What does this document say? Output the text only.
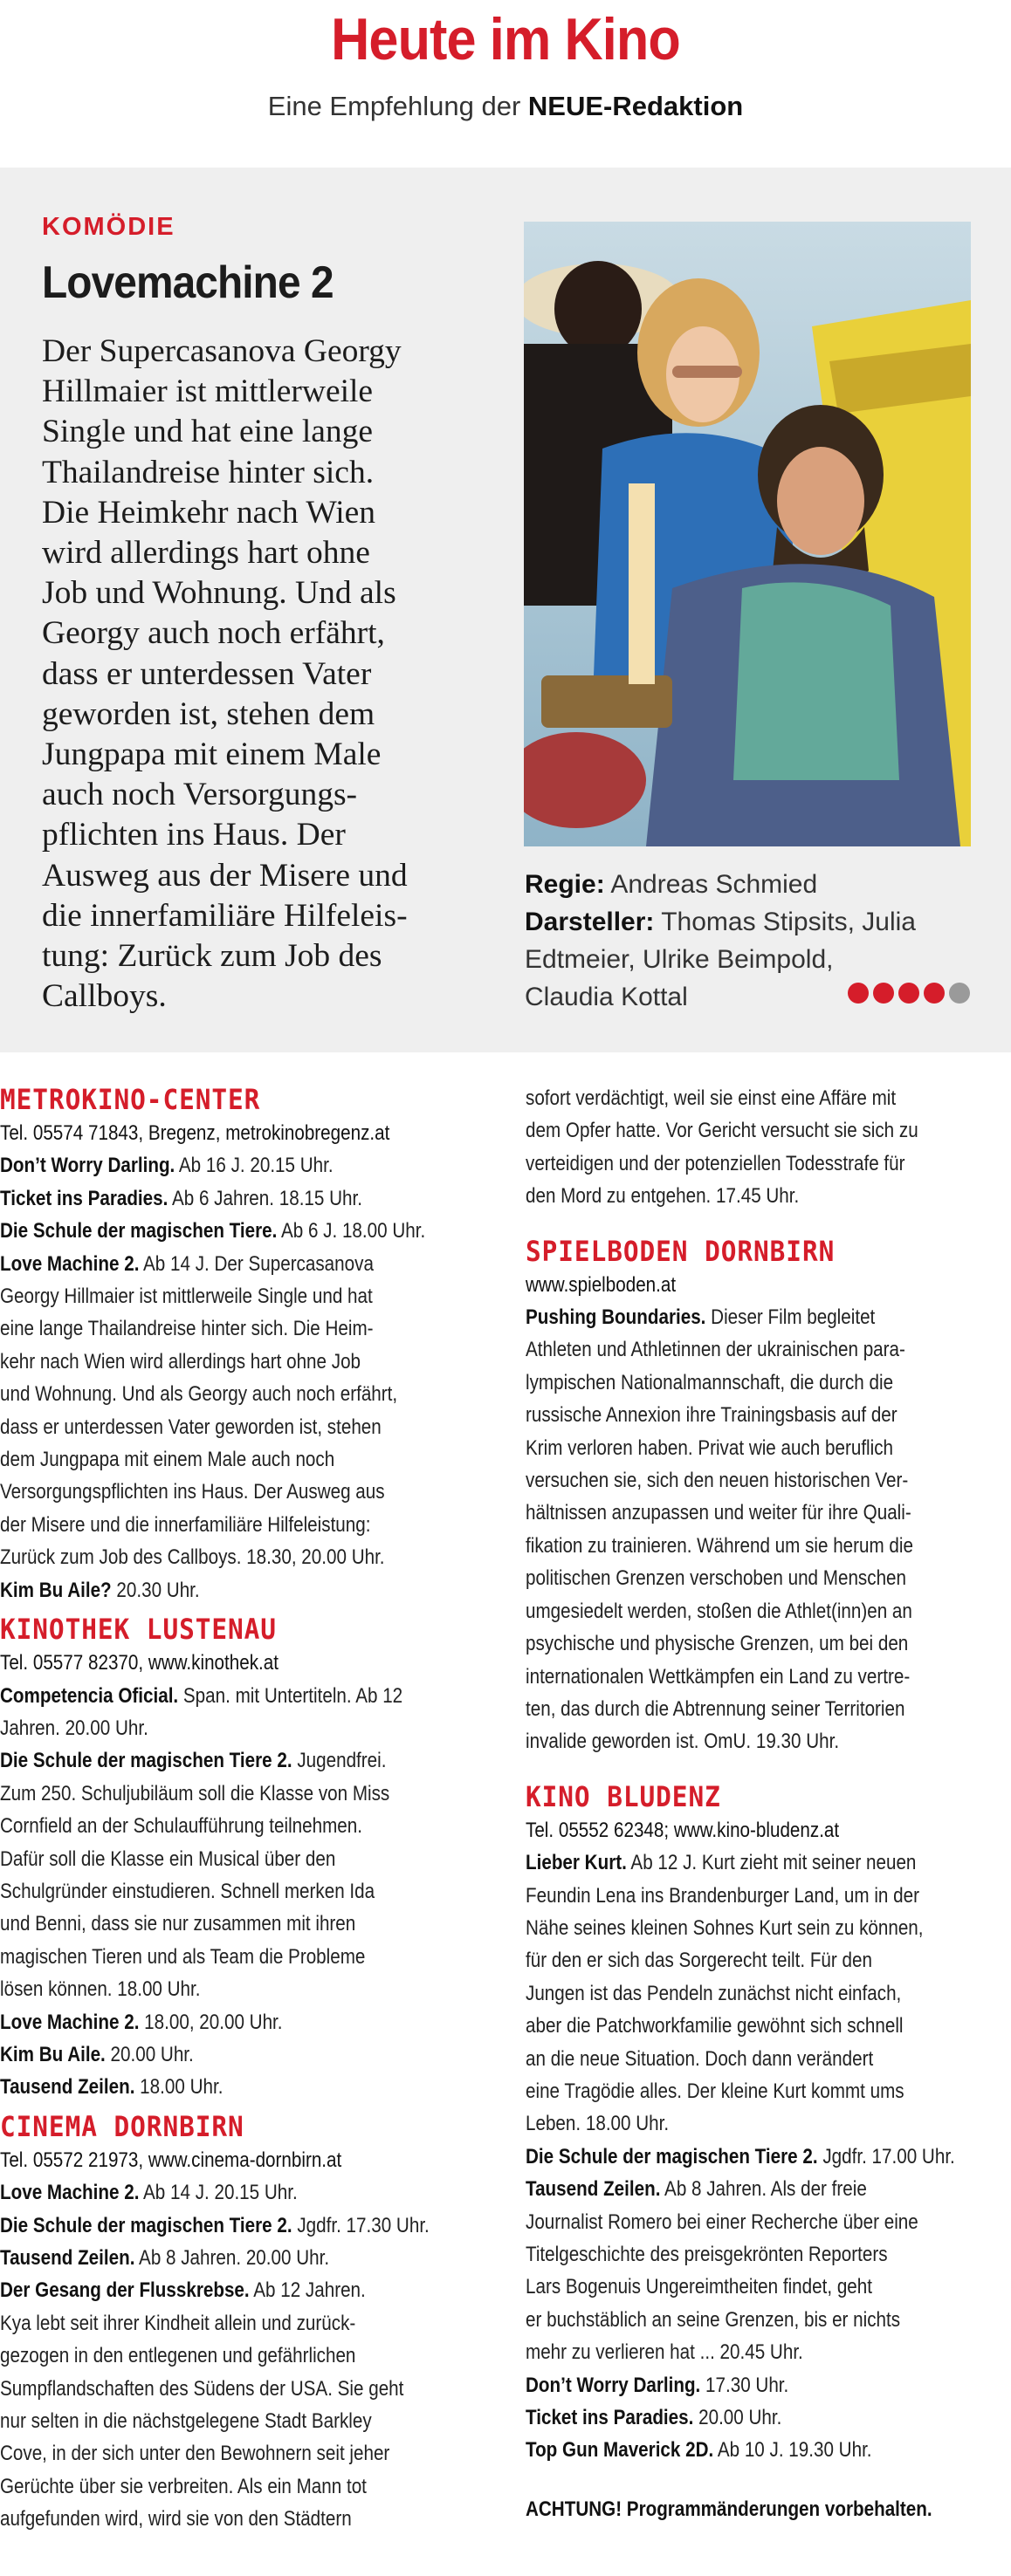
Heute im Kino
Eine Empfehlung der NEUE-Redaktion
KOMÖDIE
Lovemachine 2
Der Supercasanova Georgy
Hillmaier ist mittlerweile
Single und hat eine lange
Thailandreise hinter sich.
Die Heimkehr nach Wien
wird allerdings hart ohne
Job und Wohnung. Und als
Georgy auch noch erfährt,
dass er unterdessen Vater
geworden ist, stehen dem
Jungpapa mit einem Male
auch noch Versorgungs-
pflichten ins Haus. Der
Ausweg aus der Misere und
die innerfamiliäre Hilfeleis-
tung: Zurück zum Job des
Callboys.
Regie: Andreas Schmied
Darsteller: Thomas Stipsits, Julia
Edtmeier, Ulrike Beimpold,
Claudia Kottal
METROKINO-CENTER
Tel. 05574 71843, Bregenz, metrokinobregenz.at
Don’t Worry Darling. Ab 16 J. 20.15 Uhr.
Ticket ins Paradies. Ab 6 Jahren. 18.15 Uhr.
Die Schule der magischen Tiere. Ab 6 J. 18.00 Uhr.
Love Machine 2. Ab 14 J. Der Supercasanova
Georgy Hillmaier ist mittlerweile Single und hat
eine lange Thailandreise hinter sich. Die Heim-
kehr nach Wien wird allerdings hart ohne Job
und Wohnung. Und als Georgy auch noch erfährt,
dass er unterdessen Vater geworden ist, stehen
dem Jungpapa mit einem Male auch noch
Versorgungspflichten ins Haus. Der Ausweg aus
der Misere und die innerfamiliäre Hilfeleistung:
Zurück zum Job des Callboys. 18.30, 20.00 Uhr.
Kim Bu Aile? 20.30 Uhr.
KINOTHEK LUSTENAU
Tel. 05577 82370, www.kinothek.at
Competencia Oficial. Span. mit Untertiteln. Ab 12
Jahren. 20.00 Uhr.
Die Schule der magischen Tiere 2. Jugendfrei.
Zum 250. Schuljubiläum soll die Klasse von Miss
Cornfield an der Schulaufführung teilnehmen.
Dafür soll die Klasse ein Musical über den
Schulgründer einstudieren. Schnell merken Ida
und Benni, dass sie nur zusammen mit ihren
magischen Tieren und als Team die Probleme
lösen können. 18.00 Uhr.
Love Machine 2. 18.00, 20.00 Uhr.
Kim Bu Aile. 20.00 Uhr.
Tausend Zeilen. 18.00 Uhr.
CINEMA DORNBIRN
Tel. 05572 21973, www.cinema-dornbirn.at
Love Machine 2. Ab 14 J. 20.15 Uhr.
Die Schule der magischen Tiere 2. Jgdfr. 17.30 Uhr.
Tausend Zeilen. Ab 8 Jahren. 20.00 Uhr.
Der Gesang der Flusskrebse. Ab 12 Jahren.
Kya lebt seit ihrer Kindheit allein und zurück-
gezogen in den entlegenen und gefährlichen
Sumpflandschaften des Südens der USA. Sie geht
nur selten in die nächstgelegene Stadt Barkley
Cove, in der sich unter den Bewohnern seit jeher
Gerüchte über sie verbreiten. Als ein Mann tot
aufgefunden wird, wird sie von den Städtern
sofort verdächtigt, weil sie einst eine Affäre mit
dem Opfer hatte. Vor Gericht versucht sie sich zu
verteidigen und der potenziellen Todesstrafe für
den Mord zu entgehen. 17.45 Uhr.
SPIELBODEN DORNBIRN
www.spielboden.at
Pushing Boundaries. Dieser Film begleitet
Athleten und Athletinnen der ukrainischen para-
lympischen Nationalmannschaft, die durch die
russische Annexion ihre Trainingsbasis auf der
Krim verloren haben. Privat wie auch beruflich
versuchen sie, sich den neuen historischen Ver-
hältnissen anzupassen und weiter für ihre Quali-
fikation zu trainieren. Während um sie herum die
politischen Grenzen verschoben und Menschen
umgesiedelt werden, stoßen die Athlet(inn)en an
psychische und physische Grenzen, um bei den
internationalen Wettkämpfen ein Land zu vertre-
ten, das durch die Abtrennung seiner Territorien
invalide geworden ist. OmU. 19.30 Uhr.
KINO BLUDENZ
Tel. 05552 62348; www.kino-bludenz.at
Lieber Kurt. Ab 12 J. Kurt zieht mit seiner neuen
Feundin Lena ins Brandenburger Land, um in der
Nähe seines kleinen Sohnes Kurt sein zu können,
für den er sich das Sorgerecht teilt. Für den
Jungen ist das Pendeln zunächst nicht einfach,
aber die Patchworkfamilie gewöhnt sich schnell
an die neue Situation. Doch dann verändert
eine Tragödie alles. Der kleine Kurt kommt ums
Leben. 18.00 Uhr.
Die Schule der magischen Tiere 2. Jgdfr. 17.00 Uhr.
Tausend Zeilen. Ab 8 Jahren. Als der freie
Journalist Romero bei einer Recherche über eine
Titelgeschichte des preisgekrönten Reporters
Lars Bogenuis Ungereimtheiten findet, geht
er buchstäblich an seine Grenzen, bis er nichts
mehr zu verlieren hat ... 20.45 Uhr.
Don’t Worry Darling. 17.30 Uhr.
Ticket ins Paradies. 20.00 Uhr.
Top Gun Maverick 2D. Ab 10 J. 19.30 Uhr.
ACHTUNG! Programmänderungen vorbehalten.
